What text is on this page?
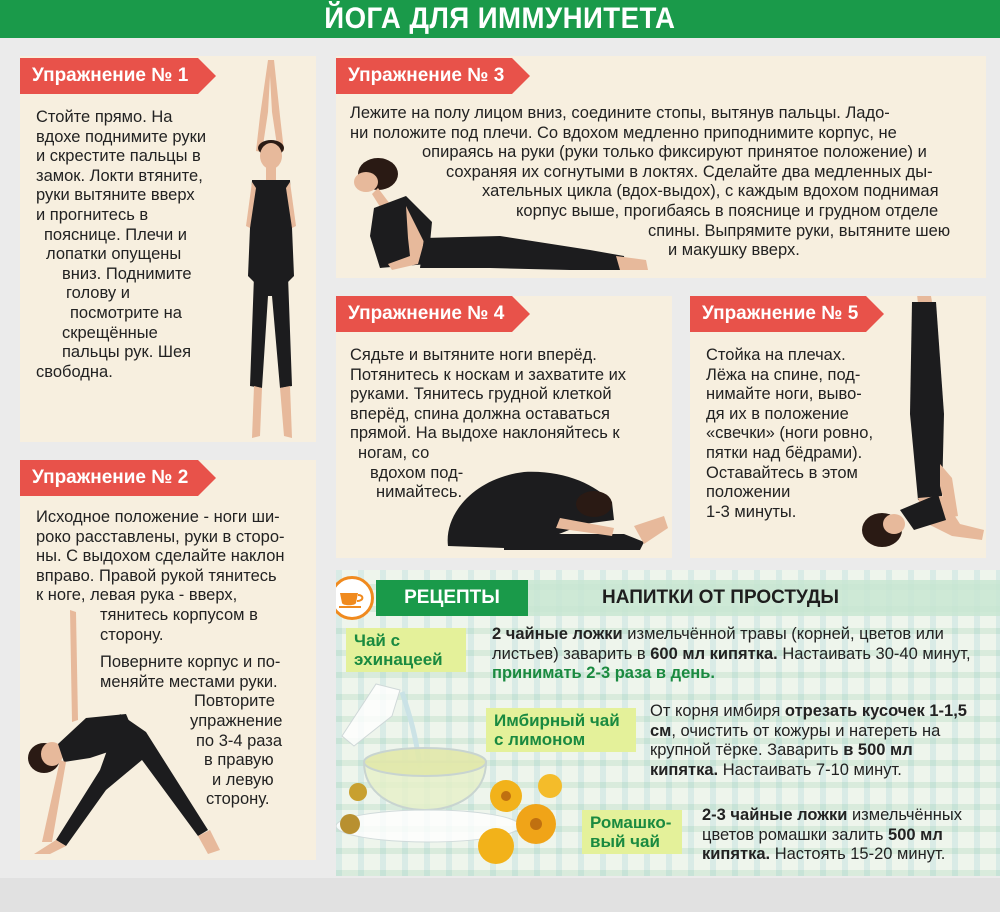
ЙОГА ДЛЯ ИММУНИТЕТА
Упражнение № 1
Стойте прямо. На
вдохе поднимите руки
и скрестите пальцы в
замок. Локти втяните,
руки вытяните вверх
и прогнитесь в
пояснице. Плечи и
лопатки опущены
вниз. Поднимите
голову и
посмотрите на
скрещённые
пальцы рук. Шея
свободна.
Упражнение № 2
Исходное положение - ноги ши-
роко расставлены, руки в сторо-
ны. С выдохом сделайте наклон
вправо. Правой рукой тянитесь
к ноге, левая рука - вверх,
тянитесь корпусом в
сторону.
Поверните корпус и по-
меняйте местами руки.
Повторите
упражнение
по 3-4 раза
в правую
и левую
сторону.
Упражнение № 3
Лежите на полу лицом вниз, соедините стопы, вытянув пальцы. Ладо-
ни положите под плечи. Со вдохом медленно приподнимите корпус, не
опираясь на руки (руки только фиксируют принятое положение) и
сохраняя их согнутыми в локтях. Сделайте два медленных ды-
хательных цикла (вдох-выдох), с каждым вдохом поднимая
корпус выше, прогибаясь в пояснице и грудном отделе
спины. Выпрямите руки, вытяните шею
и макушку вверх.
Упражнение № 4
Сядьте и вытяните ноги вперёд.
Потянитесь к носкам и захватите их
руками. Тянитесь грудной клеткой
вперёд, спина должна оставаться
прямой. На выдохе наклоняйтесь к
ногам, со
вдохом под-
нимайтесь.
Упражнение № 5
Стойка на плечах.
Лёжа на спине, под-
нимайте ноги, выво-
дя их в положение
«свечки» (ноги ровно,
пятки над бёдрами).
Оставайтесь в этом
положении
1-3 минуты.
РЕЦЕПТЫ	НАПИТКИ ОТ ПРОСТУДЫ
Чай с
эхинацеей
2 чайные ложки измельчённой травы (корней, цветов или листьев) заварить в 600 мл кипятка. Настаивать 30-40 минут, принимать 2-3 раза в день.
Имбирный чай
с лимоном
От корня имбиря отрезать кусочек 1-1,5 см, очистить от кожуры и натереть на крупной тёрке. Заварить в 500 мл кипятка. Настаивать 7-10 минут.
Ромашко-
вый чай
2-3 чайные ложки измельчённых цветов ромашки залить 500 мл кипятка. Настоять 15-20 минут.
